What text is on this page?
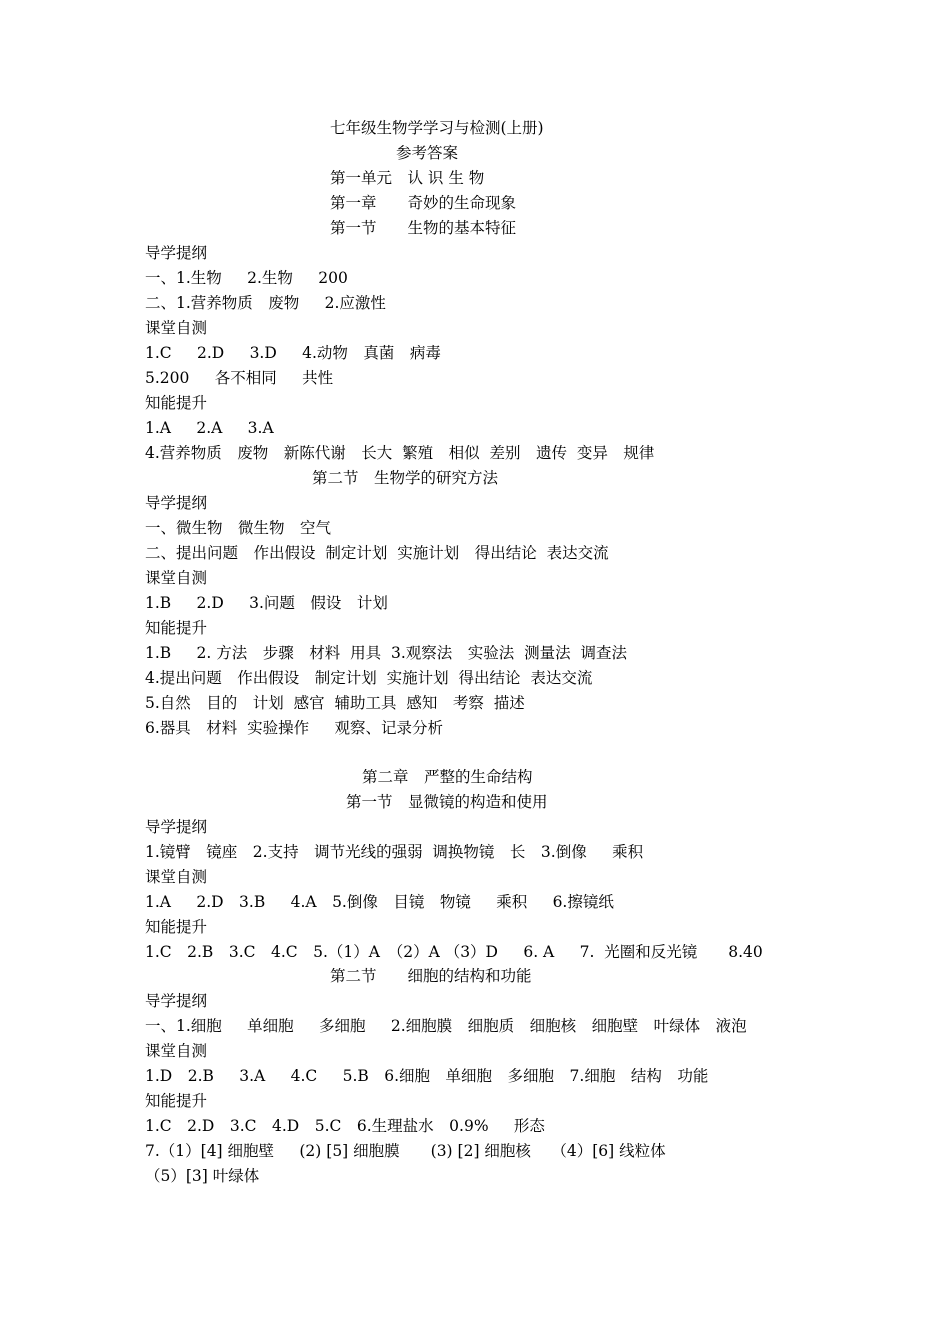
七年级生物学学习与检测(上册)
参考答案
第一单元　认 识 生 物
第一章　　奇妙的生命现象
第一节　　生物的基本特征
导学提纲
一、1.生物　  2.生物　  200
二、1.营养物质　废物　  2.应激性
课堂自测
1.C　  2.D　  3.D　  4.动物　真菌　病毒
5.200　  各不相同　  共性
知能提升
1.A　  2.A　  3.A
4.营养物质　废物　新陈代谢　长大  繁殖　相似  差别　遗传  变异　规律
第二节　生物学的研究方法
导学提纲
一、微生物　微生物　空气
二、提出问题　作出假设  制定计划  实施计划　得出结论  表达交流
课堂自测
1.B　  2.D　  3.问题　假设　计划
知能提升
1.B　  2. 方法　步骤　材料  用具  3.观察法　实验法  测量法  调查法
4.提出问题　作出假设　制定计划  实施计划  得出结论  表达交流
5.自然　目的　计划  感官  辅助工具  感知　考察  描述
6.器具　材料  实验操作　  观察、记录分析
第二章　严整的生命结构
第一节　显微镜的构造和使用
导学提纲
1.镜臂　镜座　2.支持　调节光线的强弱  调换物镜　长　3.倒像　  乘积
课堂自测
1.A　  2.D　3.B　  4.A　5.倒像　目镜　物镜　  乘积　  6.擦镜纸
知能提升
1.C　2.B　3.C　4.C　5.（1）A　（2）A （3）D　  6. A　  7.  光圈和反光镜　　8.40
第二节　　细胞的结构和功能
导学提纲
一、1.细胞　  单细胞　  多细胞　  2.细胞膜　细胞质　细胞核　细胞壁　叶绿体　液泡
课堂自测
1.D　2.B　  3.A　  4.C　  5.B　6.细胞　单细胞　多细胞　7.细胞　结构　功能
知能提升
1.C　2.D　3.C　4.D　5.C　6.生理盐水　0.9%　  形态
7.（1）[4] 细胞壁　  (2) [5] 细胞膜　　(3) [2] 细胞核　 （4）[6] 线粒体
（5）[3] 叶绿体
